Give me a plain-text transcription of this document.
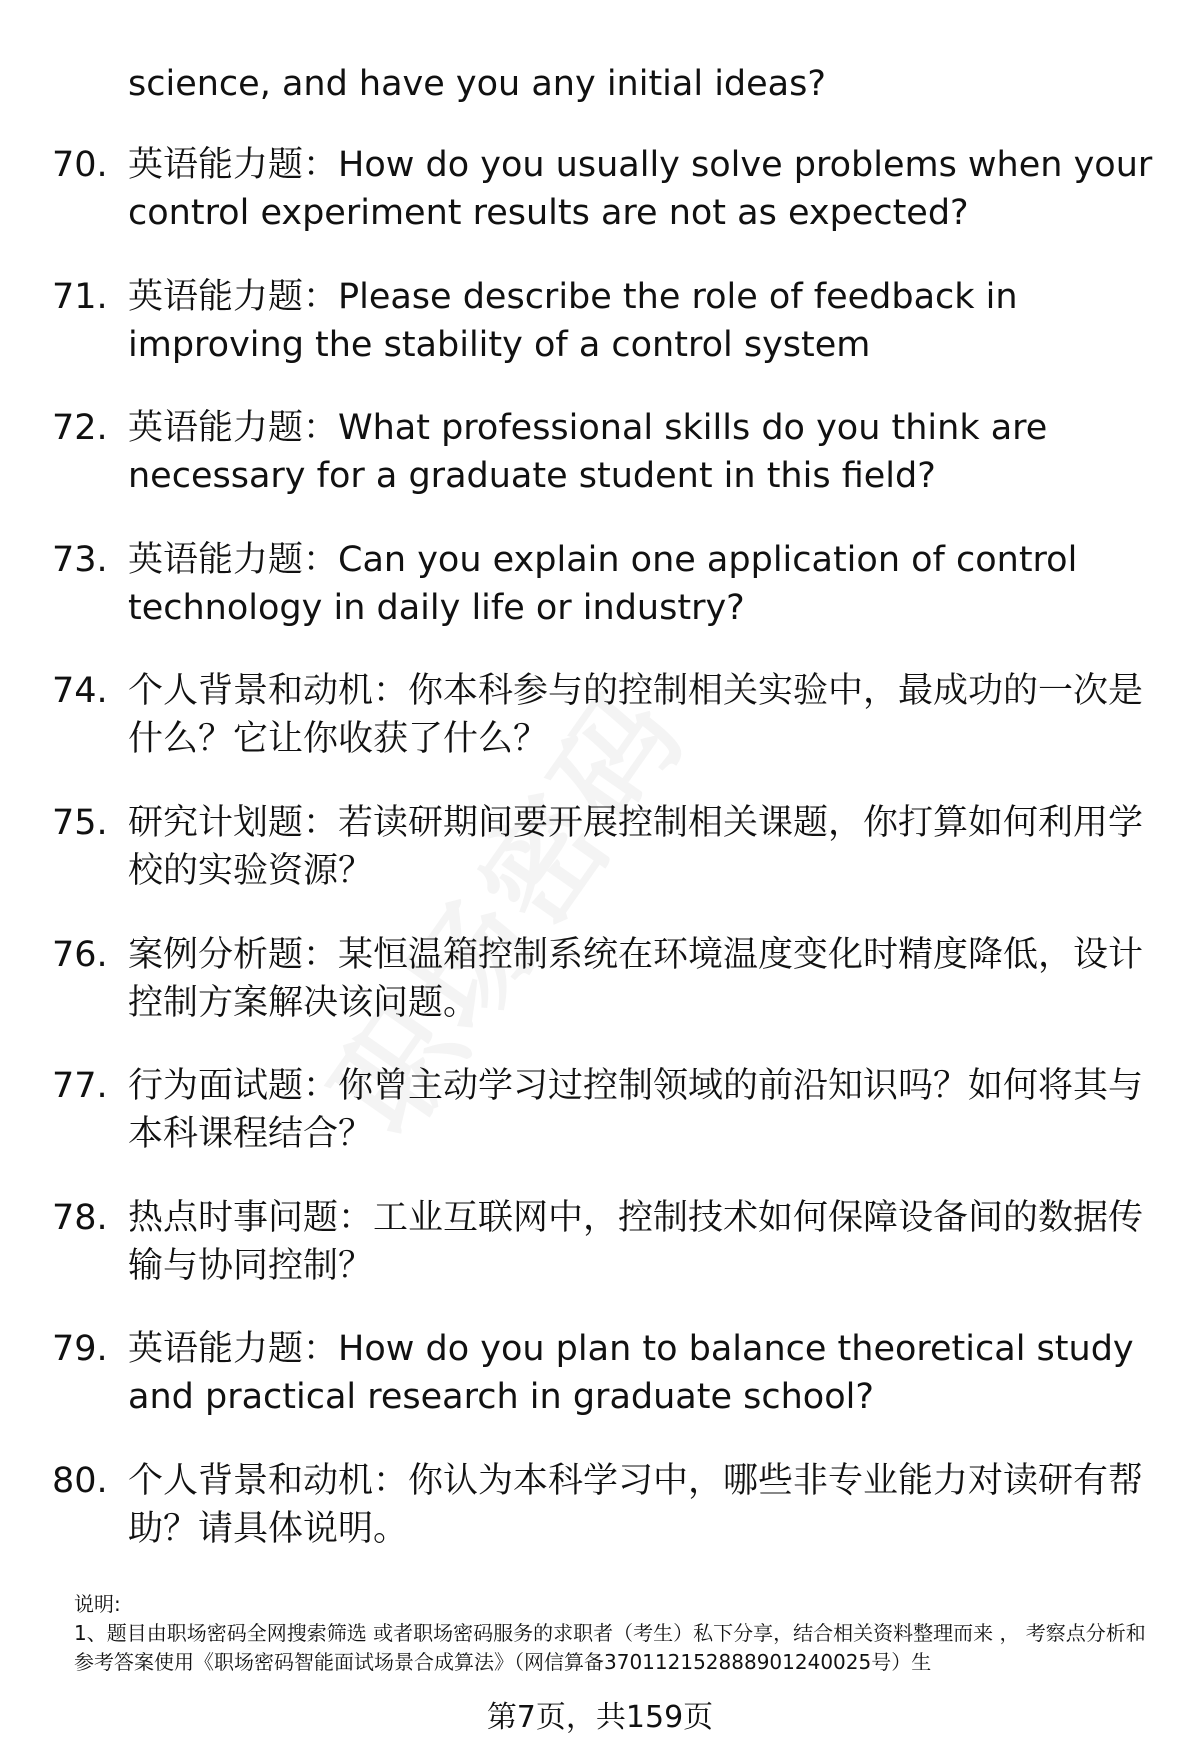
science, and have you any initial ideas?
70. 英语能力题：How do you usually solve problems when your control experiment results are not as expected?
71. 英语能力题：Please describe the role of feedback in improving the stability of a control system
72. 英语能力题：What professional skills do you think are necessary for a graduate student in this field?
73. 英语能力题：Can you explain one application of control technology in daily life or industry?
74. 个人背景和动机：你本科参与的控制相关实验中，最成功的一次是什么？它让你收获了什么？
75. 研究计划题：若读研期间要开展控制相关课题，你打算如何利用学校的实验资源？
76. 案例分析题：某恒温箱控制系统在环境温度变化时精度降低，设计控制方案解决该问题。
77. 行为面试题：你曾主动学习过控制领域的前沿知识吗？如何将其与本科课程结合？
78. 热点时事问题：工业互联网中，控制技术如何保障设备间的数据传输与协同控制？
79. 英语能力题：How do you plan to balance theoretical study and practical research in graduate school?
80. 个人背景和动机：你认为本科学习中，哪些非专业能力对读研有帮助？请具体说明。
说明:
1、题目由职场密码全网搜索筛选 或者职场密码服务的求职者（考生）私下分享，结合相关资料整理而来 ， 考察点分析和参考答案使用《职场密码智能面试场景合成算法》（网信算备370112152888901240025号）生
第7页，共159页
